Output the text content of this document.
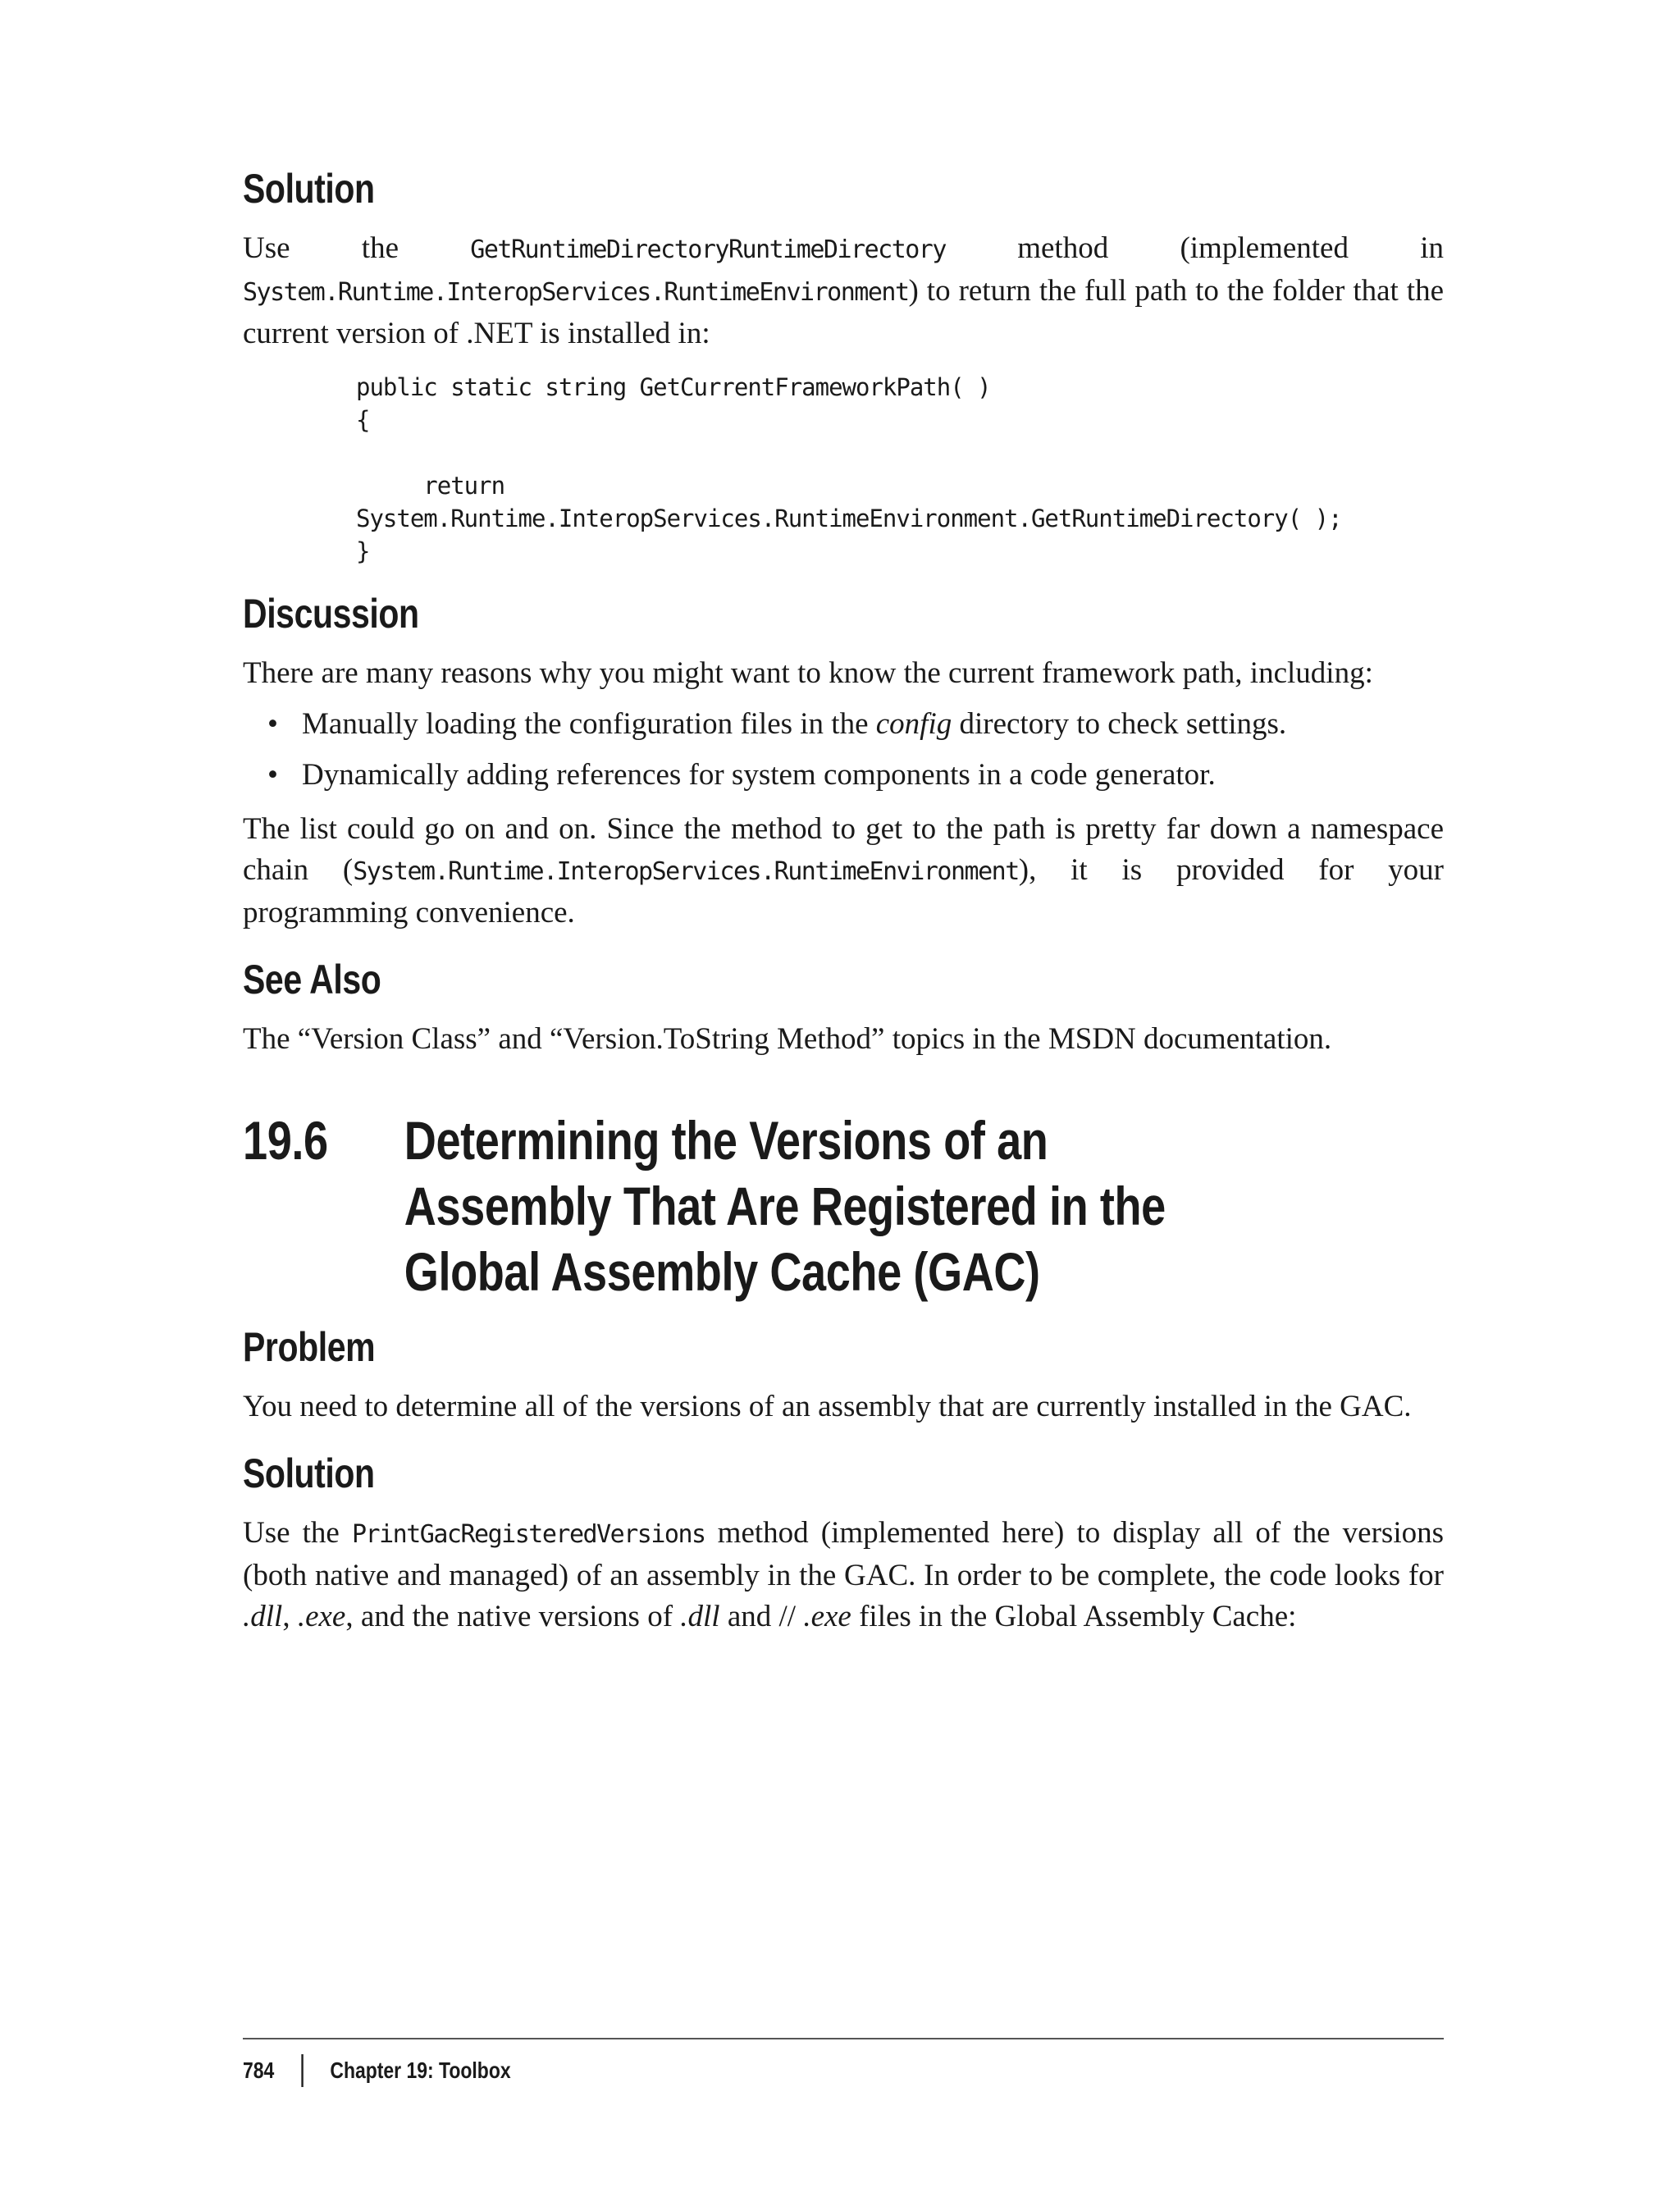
Solution

Use the GetRuntimeDirectoryRuntimeDirectory method (implemented in System.Runtime.InteropServices.RuntimeEnvironment) to return the full path to the folder that the current version of .NET is installed in:

public static string GetCurrentFrameworkPath( )
{

return
System.Runtime.InteropServices.RuntimeEnvironment.GetRuntimeDirectory( );
}
Discussion

There are many reasons why you might want to know the current framework path, including:

• Manually loading the configuration files in the config directory to check settings.
• Dynamically adding references for system components in a code generator.

The list could go on and on. Since the method to get to the path is pretty far down a namespace chain (System.Runtime.InteropServices.RuntimeEnvironment), it is provided for your programming convenience.

See Also

The “Version Class” and “Version.ToString Method” topics in the MSDN documentation.

19.6	Determining the Versions of an Assembly That Are Registered in the Global Assembly Cache (GAC)
Problem

You need to determine all of the versions of an assembly that are currently installed in the GAC.

Solution

Use the PrintGacRegisteredVersions method (implemented here) to display all of the versions (both native and managed) of an assembly in the GAC. In order to be complete, the code looks for .dll, .exe, and the native versions of .dll and // .exe files in the Global Assembly Cache:

784 Chapter 19: Toolbox
